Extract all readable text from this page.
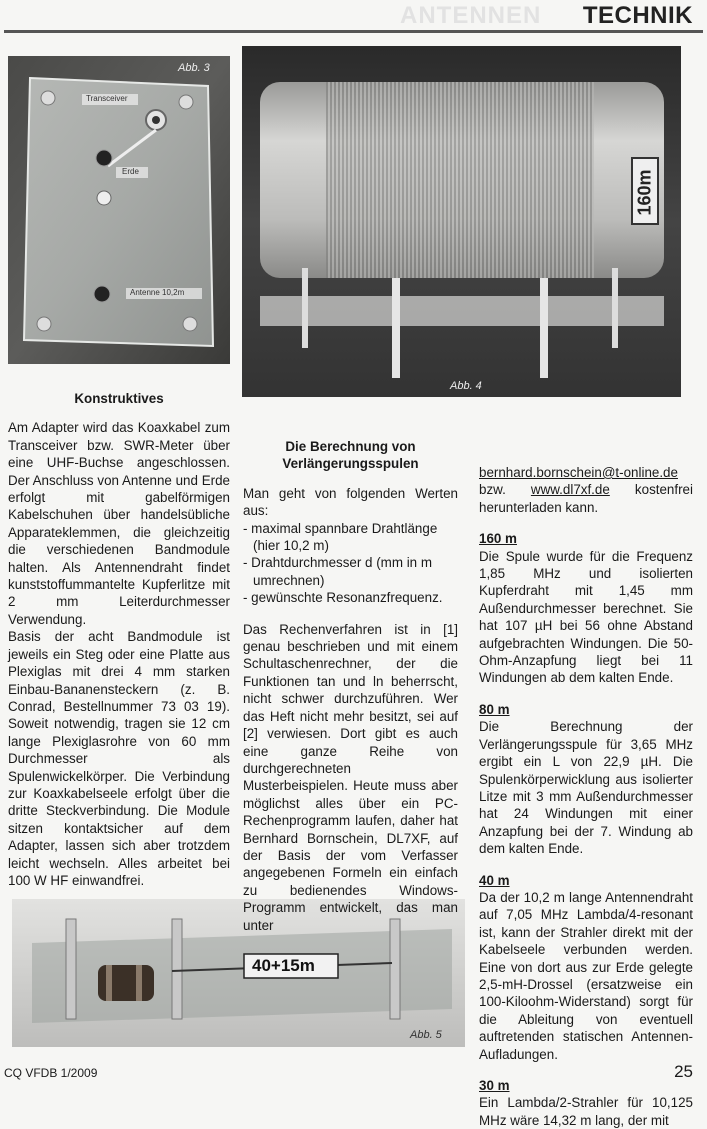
ANTENNEN TECHNIK
Transceiver
Erde
Antenne 10,2m
Abb. 3
160m
Abb. 4
40+15m
Abb. 5

Konstruktives

Am Adapter wird das Koaxkabel zum Transceiver bzw. SWR-Meter über eine UHF-Buchse angeschlossen. Der Anschluss von Antenne und Erde erfolgt mit gabelförmigen Kabelschuhen über handelsübliche Apparateklemmen, die gleichzeitig die verschiedenen Bandmodule halten. Als Antennendraht findet kunststoffummantelte Kupferlitze mit 2 mm Leiterdurchmesser Verwendung.

Basis der acht Bandmodule ist jeweils ein Steg oder eine Platte aus Plexiglas mit drei 4 mm starken Einbau-Bananensteckern (z. B. Conrad, Bestellnummer 73 03 19). Soweit notwendig, tragen sie 12 cm lange Plexiglasrohre von 60 mm Durchmesser als Spulenwickelkörper. Die Verbindung zur Koaxkabelseele erfolgt über die dritte Steckverbindung. Die Module sitzen kontaktsicher auf dem Adapter, lassen sich aber trotzdem leicht wechseln. Alles arbeitet bei 100 W HF einwandfrei.

Die Berechnung von

Verlängerungsspulen

Man geht von folgenden Werten aus:

- maximal spannbare Drahtlänge (hier 10,2 m)
- Drahtdurchmesser d (mm in m umrechnen)
- gewünschte Resonanzfrequenz.

Das Rechenverfahren ist in [1] genau beschrieben und mit einem Schultaschenrechner, der die Funktionen tan und ln beherrscht, nicht schwer durchzuführen. Wer das Heft nicht mehr besitzt, sei auf [2] verwiesen. Dort gibt es auch eine ganze Reihe von durchgerechneten Musterbeispielen. Heute muss aber möglichst alles über ein PC-Rechenprogramm laufen, daher hat Bernhard Bornschein, DL7XF, auf der Basis der vom Verfasser angegebenen Formeln ein einfach zu bedienendes Windows-Programm entwickelt, das man unter

bernhard.bornschein@t-online.de
bzw. www.dl7xf.de kostenfrei herunterladen kann.

160 m

Die Spule wurde für die Frequenz 1,85 MHz und isolierten Kupferdraht mit 1,45 mm Außendurchmesser berechnet. Sie hat 107 µH bei 56 ohne Abstand aufgebrachten Windungen. Die 50-Ohm-Anzapfung liegt bei 11 Windungen ab dem kalten Ende.

80 m

Die Berechnung der Verlängerungsspule für 3,65 MHz ergibt ein L von 22,9 µH. Die Spulenkörperwicklung aus isolierter Litze mit 3 mm Außendurchmesser hat 24 Windungen mit einer Anzapfung bei der 7. Windung ab dem kalten Ende.

40 m

Da der 10,2 m lange Antennendraht auf 7,05 MHz Lambda/4-resonant ist, kann der Strahler direkt mit der Kabelseele verbunden werden. Eine von dort aus zur Erde gelegte 2,5-mH-Drossel (ersatzweise ein 100-Kiloohm-Widerstand) sorgt für die Ableitung von eventuell auftretenden statischen Antennen-Aufladungen.

30 m

Ein Lambda/2-Strahler für 10,125 MHz wäre 14,32 m lang, der mit

CQ VFDB 1/2009	25
